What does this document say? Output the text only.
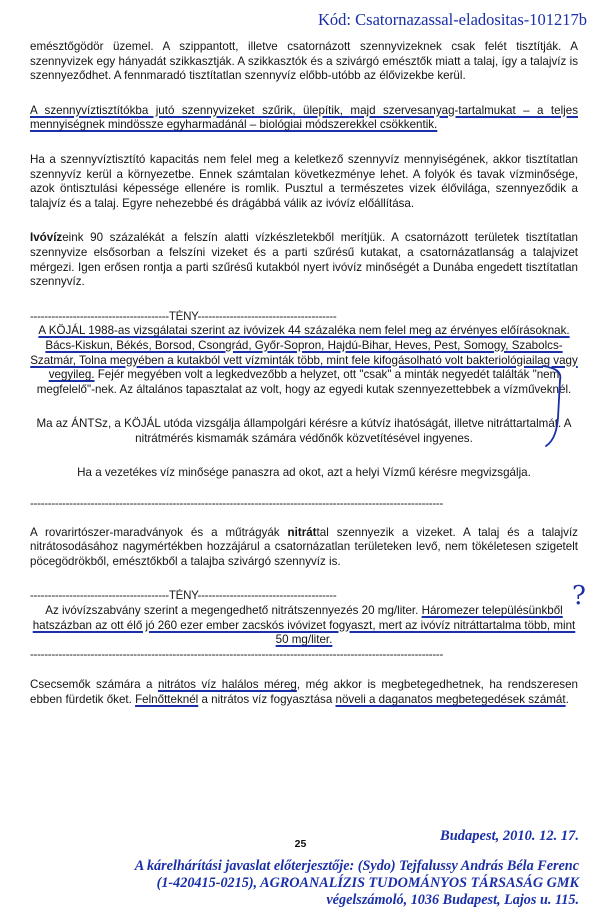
Kód: Csatornazassal-eladositas-101217b

emésztőgödör üzemel. A szippantott, illetve csatornázott szennyvizeknek csak felét tisztítják. A szennyvizek egy hányadát szikkasztják. A szikkasztók és a szivárgó emésztők miatt a talaj, így a talajvíz is szennyeződhet. A fennmaradó tisztítatlan szennyvíz előbb-utóbb az élővizekbe kerül.

A szennyvíztisztítókba jutó szennyvizeket szűrik, ülepítik, majd szervesanyag-tartalmukat – a teljes mennyiségnek mindössze egyharmadánál – biológiai módszerekkel csökkentik.

Ha a szennyvíztisztító kapacitás nem felel meg a keletkező szennyvíz mennyiségének, akkor tisztítatlan szennyvíz kerül a környezetbe. Ennek számtalan következménye lehet. A folyók és tavak vízminősége, azok öntisztulási képessége ellenére is romlik. Pusztul a természetes vizek élővilága, szennyeződik a talajvíz és a talaj. Egyre nehezebbé és drágábbá válik az ivóvíz előállítása.

Ivóvízeink 90 százalékát a felszín alatti vízkészletekből merítjük. A csatornázott területek tisztítatlan szennyvize elsősorban a felszíni vizeket és a parti szűrésű kutakat, a csatornázatlanság a talajvizet mérgezi. Igen erősen rontja a parti szűrésű kutakból nyert ivóvíz minőségét a Dunába engedett tisztítatlan szennyvíz.

---------------------------------------TÉNY---------------------------------------

A KÖJÁL 1988-as vizsgálatai szerint az ivóvizek 44 százaléka nem felel meg az érvényes előírásoknak. Bács-Kiskun, Békés, Borsod, Csongrád, Győr-Sopron, Hajdú-Bihar, Heves, Pest, Somogy, Szabolcs-Szatmár, Tolna megyében a kutakból vett vízminták több, mint fele kifogásolható volt bakteriológiailag vagy vegyileg. Fejér megyében volt a legkedvezőbb a helyzet, ott "csak" a minták negyedét találták "nem megfelelő"-nek. Az általános tapasztalat az volt, hogy az egyedi kutak szennyezettebbek a vízműveknél.

Ma az ÁNTSz, a KÖJÁL utóda vizsgálja állampolgári kérésre a kútvíz ihatóságát, illetve nitráttartalmát. A nitrátmérés kismamák számára védőnők közvetítésével ingyenes.

Ha a vezetékes víz minősége panaszra ad okot, azt a helyi Vízmű kérésre megvizsgálja.

--------------------------------------------------------------------------------------------------------------------

A rovarirtószer-maradványok és a műtrágyák nitráttal szennyezik a vizeket. A talaj és a talajvíz nitrátosodásához nagymértékben hozzájárul a csatornázatlan területeken levő, nem tökéletesen szigetelt pöcegödrökből, emésztőkből a talajba szivárgó szennyvíz is.

---------------------------------------TÉNY---------------------------------------

Az ivóvízszabvány szerint a megengedhető nitrátszennyezés 20 mg/liter. Háromezer településünkből hatszázban az ott élő jó 260 ezer ember zacskós ivóvizet fogyaszt, mert az ivóvíz nitráttartalma több, mint 50 mg/liter.

--------------------------------------------------------------------------------------------------------------------

Csecsemők számára a nitrátos víz halálos méreg, még akkor is megbetegedhetnek, ha rendszeresen ebben fürdetik őket. Felnőtteknél a nitrátos víz fogyasztása növeli a daganatos megbetegedések számát.

Budapest, 2010. 12. 17.
25
A kárelhárítási javaslat előterjesztője: (Sydo) Tejfalussy András Béla Ferenc
(1-420415-0215), AGROANALÍZIS TUDOMÁNYOS TÁRSASÁG GMK
végelszámoló, 1036 Budapest, Lajos u. 115.
?
